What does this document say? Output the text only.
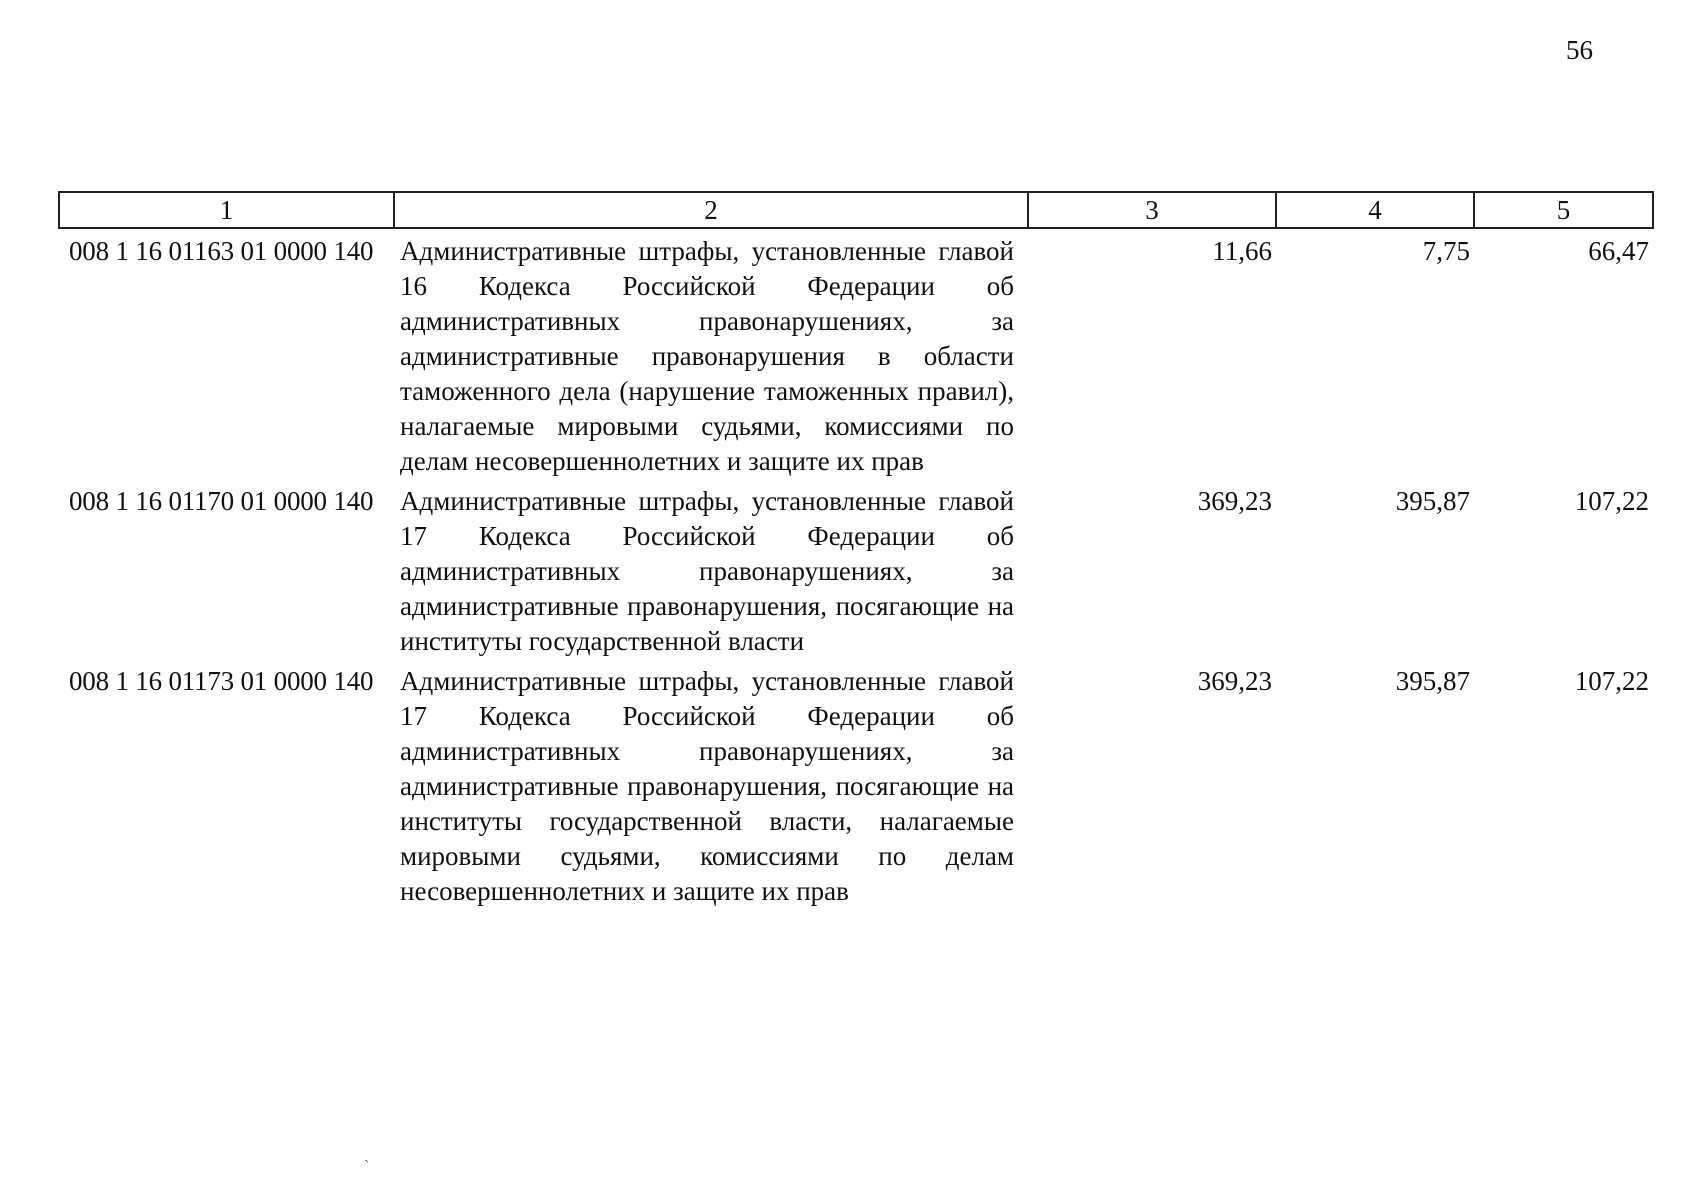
56
1	2	3	4	5
008 1 16 01163 01 0000 140	Административные штрафы, установленные главой 16 Кодекса Российской Федерации об административных правонарушениях, за административные правонарушения в области таможенного дела (нарушение таможенных правил), налагаемые мировыми судьями, комиссиями по делам несовершеннолетних и защите их прав	11,66	7,75	66,47
008 1 16 01170 01 0000 140	Административные штрафы, установленные главой 17 Кодекса Российской Федерации об административных правонарушениях, за административные правонарушения, посягающие на институты государственной власти	369,23	395,87	107,22
008 1 16 01173 01 0000 140	Административные штрафы, установленные главой 17 Кодекса Российской Федерации об административных правонарушениях, за административные правонарушения, посягающие на институты государственной власти, налагаемые мировыми судьями, комиссиями по делам несовершеннолетних и защите их прав	369,23	395,87	107,22
`
